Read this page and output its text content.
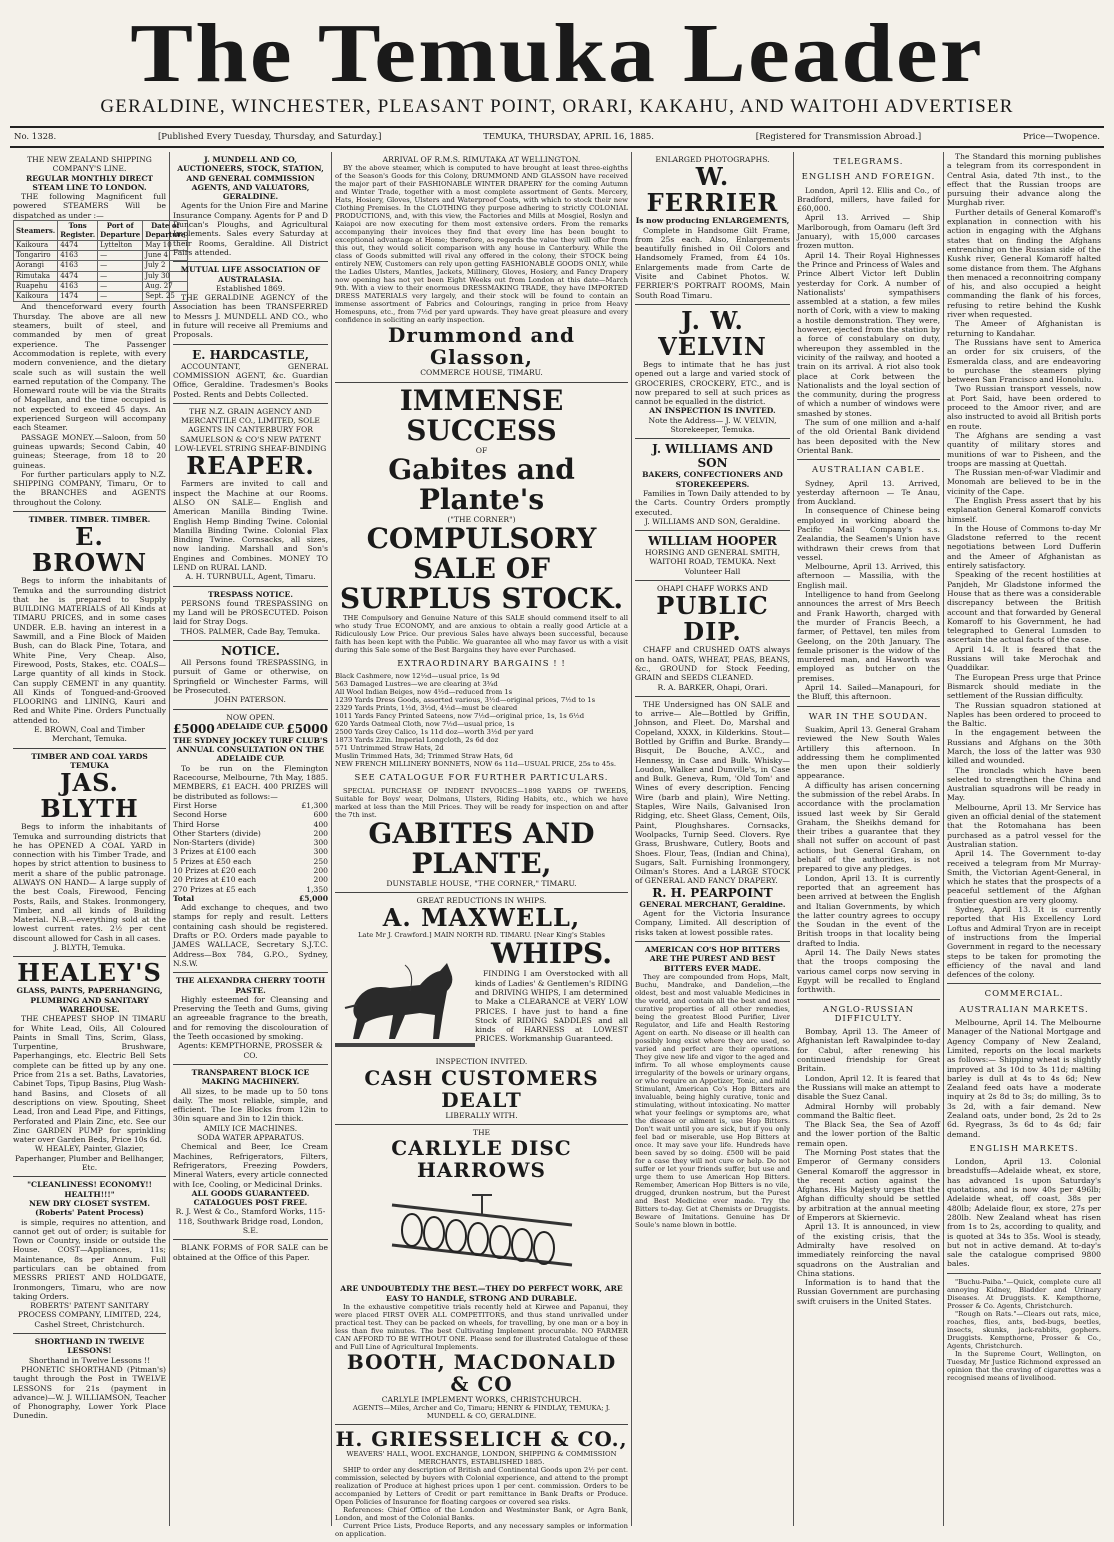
The Temuka Leader
GERALDINE, WINCHESTER, PLEASANT POINT, ORARI, KAKAHU, AND WAITOHI ADVERTISER
No. 1328.	[Published Every Tuesday, Thursday, and Saturday.]	TEMUKA, THURSDAY, APRIL 16, 1885.	[Registered for Transmission Abroad.]	Price—Twopence.
THE NEW ZEALAND SHIPPING COMPANY'S LINE.
REGULAR MONTHLY DIRECT STEAM LINE TO LONDON.

THE following Magnificent full powered STEAMERS Will be dispatched as under :—

Steamers.	Tons Register.	Port of Departure	Date of Departure
Kaikoura	4474	Lyttelton	May 10
Tongariro	4163	—	June 4
Aorangi	4163	—	July 2
Rimutaka	4474	—	July 30
Ruapehu	4163	—	Aug. 27
Kaikoura	1474	—	Sept. 25

And thenceforward every fourth Thursday. The above are all new steamers, built of steel, and commanded by men of great experience. The Passenger Accommodation is replete, with every modern convenience, and the dietary scale such as will sustain the well earned reputation of the Company. The Homeward route will be via the Straits of Magellan, and the time occupied is not expected to exceed 45 days. An experienced Surgeon will accompany each Steamer.

PASSAGE MONEY.—Saloon, from 50 guineas upwards; Second Cabin, 40 guineas; Steerage, from 18 to 20 guineas.

For further particulars apply to N.Z. SHIPPING COMPANY, Timaru, Or to the BRANCHES and AGENTS throughout the Colony.

TIMBER. TIMBER. TIMBER.
E. BROWN

Begs to inform the inhabitants of Temuka and the surrounding district that he is prepared to Supply BUILDING MATERIALS of All Kinds at TIMARU PRICES, and in some cases UNDER. E.B. having an interest in a Sawmill, and a Fine Block of Maiden Bush, can do Black Pine, Totara, and White Pine, Very Cheap. Also, Firewood, Posts, Stakes, etc. COALS—Large quantity of all kinds in Stock. Can supply CEMENT in any quantity. All Kinds of Tongued-and-Grooved FLOORING and LINING, Kauri and Red and White Pine. Orders Punctually attended to.

E. BROWN, Coal and Timber Merchant, Temuka.
TIMBER AND COAL YARDS TEMUKA
JAS. BLYTH

Begs to inform the inhabitants of Temuka and surrounding districts that he has OPENED A COAL YARD in connection with his Timber Trade, and hopes by strict attention to business to merit a share of the public patronage. ALWAYS ON HAND— A large supply of the best Coals, Firewood, Fencing Posts, Rails, and Stakes. Ironmongery, Timber, and all kinds of Building Material. N.B.—everything sold at the lowest current rates. 2½ per cent discount allowed for Cash in all cases.

J. BLYTH, Temuka.
HEALEY'S
GLASS, PAINTS, PAPERHANGING, PLUMBING AND SANITARY WAREHOUSE.

THE CHEAPEST SHOP IN TIMARU for White Lead, Oils, All Coloured Paints in Small Tins, Scrim, Glass, Turpentine, Brushware, Paperhangings, etc. Electric Bell Sets complete can be fitted up by any one. Price from 21s a set. Baths, Lavatories, Cabinet Tops, Tipup Basins, Plug Wash-hand Basins, and Closets of all descriptions on view. Spouting, Sheet Lead, Iron and Lead Pipe, and Fittings, Perforated and Plain Zinc, etc. See our Zinc GARDEN PUMP for sprinkling water over Garden Beds, Price 10s 6d.

W. HEALEY, Painter, Glazier, Paperhanger, Plumber and Bellhanger, Etc.
"CLEANLINESS! ECONOMY!! HEALTH!!!"
NEW DRY CLOSET SYSTEM. (Roberts' Patent Process)

is simple, requires no attention, and cannot get out of order; is suitable for Town or Country, inside or outside the House. COST—Appliances, 11s; Maintenance, 8s per Annum. Full particulars can be obtained from MESSRS PRIEST AND HOLDGATE, Ironmongers, Timaru, who are now taking Orders.

ROBERTS' PATENT SANITARY PROCESS COMPANY, LIMITED, 224, Cashel Street, Christchurch.
SHORTHAND IN TWELVE LESSONS!
Shorthand in Twelve Lessons !!

PHONETIC SHORTHAND (Pitman's) taught through the Post in TWELVE LESSONS for 21s (payment in advance)—W. J. WILLIAMSON, Teacher of Phonography, Lower York Place Dunedin.

J. MUNDELL AND CO, AUCTIONEERS, STOCK, STATION, AND GENERAL COMMISSION AGENTS, AND VALUATORS, GERALDINE.

Agents for the Union Fire and Marine Insurance Company. Agents for P and D Duncan's Ploughs, and Agricultural Implements. Sales every Saturday at their Rooms, Geraldine. All District Fairs attended.

MUTUAL LIFE ASSOCIATION OF AUSTRALASIA.
Established 1869.

THE GERALDINE AGENCY of the Association has been TRANSFERRED to Messrs J. MUNDELL AND CO., who in future will receive all Premiums and Proposals.

E. HARDCASTLE,

ACCOUNTANT, GENERAL COMMISSION AGENT, &c. Guardian Office, Geraldine. Tradesmen's Books Posted. Rents and Debts Collected.

THE N.Z. GRAIN AGENCY AND MERCANTILE CO., LIMITED, SOLE AGENTS IN CANTERBURY FOR SAMUELSON & CO'S NEW PATENT LOW-LEVEL STRING SHEAF-BINDING
REAPER.

Farmers are invited to call and inspect the Machine at our Rooms. ALSO ON SALE— English and American Manilla Binding Twine. English Hemp Binding Twine. Colonial Manilla Binding Twine. Colonial Flax Binding Twine. Cornsacks, all sizes, now landing. Marshall and Son's Engines and Combines. MONEY TO LEND on RURAL LAND.

A. H. TURNBULL, Agent, Timaru.
TRESPASS NOTICE.

PERSONS found TRESPASSING on my Land will be PROSECUTED. Poison laid for Stray Dogs.

THOS. PALMER, Cade Bay, Temuka.
NOTICE.

All Persons found TRESPASSING, in pursuit of Game or otherwise, on Springfield or Winchester Farms, will be Prosecuted.

JOHN PATERSON.
NOW OPEN.
£5000 ADELAIDE CUP. £5000
THE SYDNEY JOCKEY TURF CLUB'S ANNUAL CONSULTATION ON THE ADELAIDE CUP.

To be run on the Flemington Racecourse, Melbourne, 7th May, 1885. MEMBERS, £1 EACH. 400 PRIZES will be distributed as follows:—

First Horse	£1,300
Second Horse	600
Third Horse	400
Other Starters (divide)	200
Non-Starters (divide)	300
3 Prizes at £100 each	300
5 Prizes at £50 each	250
10 Prizes at £20 each	200
20 Prizes at £10 each	200
270 Prizes at £5 each	1,350
Total	£5,000

Add exchange to cheques, and two stamps for reply and result. Letters containing cash should be registered. Drafts or P.O. Orders made payable to JAMES WALLACE, Secretary S.J.T.C. Address—Box 784, G.P.O., Sydney, N.S.W.

THE ALEXANDRA CHERRY TOOTH PASTE.

Highly esteemed for Cleansing and Preserving the Teeth and Gums, giving an agreeable fragrance to the breath, and for removing the discolouration of the Teeth occasioned by smoking.

Agents: KEMPTHORNE, PROSSER & CO.
TRANSPARENT BLOCK ICE MAKING MACHINERY.

All sizes, to be made up to 50 tons daily. The most reliable, simple, and efficient. The Ice Blocks from 12in to 30in square and 3in to 12in thick.

AMILY ICE MACHINES.
SODA WATER APPARATUS.

Chemical and Beer, Ice Cream Machines, Refrigerators, Filters, Refrigerators, Freezing Powders, Mineral Waters, every article connected with Ice, Cooling, or Medicinal Drinks.

ALL GOODS GUARANTEED.
CATALOGUES POST FREE.
R. J. West & Co., Stamford Works, 115-118, Southwark Bridge road, London, S.E.

BLANK FORMS of FOR SALE can be obtained at the Office of this Paper.

ARRIVAL OF R.M.S. RIMUTAKA AT WELLINGTON.

BY the above steamer, which is computed to have brought at least three-eighths of the Season's Goods for this Colony, DRUMMOND AND GLASSON have received the major part of their FASHIONABLE WINTER DRAPERY for the coming Autumn and Winter Trade, together with a most complete assortment of Gents. Mercery, Hats, Hosiery, Gloves, Ulsters and Waterproof Coats, with which to stock their new Clothing Premises. In the CLOTHING they purpose adhering to strictly COLONIAL PRODUCTIONS, and, with this view, the Factories and Mills at Mosgiel, Roslyn and Kaiapoi are now executing for them most extensive orders. From the remarks accompanying their invoices they find that every line has been bought to exceptional advantage at Home; therefore, as regards the value they will offer from this out, they would solicit comparison with any house in Canterbury. While the class of Goods submitted will rival any offered in the colony, their STOCK being entirely NEW, Customers can rely upon getting FASHIONABLE GOODS ONLY, while the Ladies Ulsters, Mantles, Jackets, Millinery, Gloves, Hosiery, and Fancy Drapery now opening has not yet been Eight Weeks out from London at this date—March 9th. With a view to their enormous DRESSMAKING TRADE, they have IMPORTED DRESS MATERIALS very largely, and their stock will be found to contain an immense assortment of Fabrics and Colourings, ranging in price from Heavy Homespuns, etc., from 7½d per yard upwards. They have great pleasure and every confidence in soliciting an early inspection.

Drummond and Glasson,
COMMERCE HOUSE, TIMARU.
IMMENSE SUCCESS
OF
Gabites and Plante's
("THE CORNER")
COMPULSORY SALE OF SURPLUS STOCK.

THE Compulsory and Genuine Nature of this SALE should commend itself to all who study True ECONOMY, and are anxious to obtain a really good Article at a Ridiculously Low Price. Our previous Sales have always been successful, because faith has been kept with the Public. We guarantee all who may favor us with a visit during this Sale some of the Best Bargains they have ever Purchased.

EXTRAORDINARY BARGAINS ! !
Black Cashmere, now 12½d—usual price, 1s 9d
563 Damaged Lustres—we are clearing at 3¾d
All Wool Indian Beiges, now 4½d—reduced from 1s
1239 Yards Dress Goods, assorted various, 3½d—original prices, 7½d to 1s
2329 Yards Prints, 1½d, 3½d, 4½d—must be cleared
1011 Yards Fancy Printed Sateens, now 7½d—original price, 1s, 1s 6½d
620 Yards Oatmeal Cloth, now 7½d—usual price, 1s
2500 Yards Grey Calico, 1s 11d doz—worth 3½d per yard
1873 Yards 22in. Imperial Longcloth, 2s 6d doz
571 Untrimmed Straw Hats, 2d
Muslin Trimmed Hats, 3d; Trimmed Straw Hats, 6d
NEW FRENCH MILLINERY BONNETS, NOW 6s 11d—USUAL PRICE, 25s to 45s.
SEE CATALOGUE FOR FURTHER PARTICULARS.

SPECIAL PURCHASE OF INDENT INVOICES—1898 YARDS OF TWEEDS, Suitable for Boys' wear, Dolmans, Ulsters, Riding Habits, etc., which we have marked at less than the Mill Prices. They will be ready for inspection on and after the 7th inst.

GABITES AND PLANTE,
DUNSTABLE HOUSE, "THE CORNER," TIMARU.
GREAT REDUCTIONS IN WHIPS.
A. MAXWELL,
Late Mr J. Crawford.] MAIN NORTH RD. TIMARU. [Near King's Stables
WHIPS.

FINDING I am Overstocked with all kinds of Ladies' & Gentlemen's RIDING and DRIVING WHIPS, I am determined to Make a CLEARANCE at VERY LOW PRICES. I have just to hand a fine Stock of RIDING SADDLES and all kinds of HARNESS at LOWEST PRICES. Workmanship Guaranteed.

INSPECTION INVITED.
CASH CUSTOMERS DEALT
LIBERALLY WITH.
THE
CARLYLE DISC HARROWS
ARE UNDOUBTEDLY THE BEST.—THEY DO PERFECT WORK, ARE EASY TO HANDLE, STRONG AND DURABLE.

In the exhaustive competitive trials recently held at Kirwee and Papanui, they were placed FIRST OVER ALL COMPETITORS, and thus stand unrivalled under practical test. They can be packed on wheels, for travelling, by one man or a boy in less than five minutes. The best Cultivating Implement procurable. NO FARMER CAN AFFORD TO BE WITHOUT ONE. Please send for illustrated Catalogue of these and Full Line of Agricultural Implements.

BOOTH, MACDONALD & CO
CARLYLE IMPLEMENT WORKS, CHRISTCHURCH.
AGENTS—Miles, Archer and Co, Timaru; HENRY & FINDLAY, TEMUKA; J. MUNDELL & CO, GERALDINE.
H. GRIESSELICH & CO.,
WEAVERS' HALL, WOOL EXCHANGE, LONDON, SHIPPING & COMMISSION MERCHANTS, ESTABLISHED 1885.

SHIP to order any description of British and Continental Goods upon 2½ per cent. commission, selected by buyers with Colonial experience, and attend to the prompt realization of Produce at highest prices upon 1 per cent. commission. Orders to be accompanied by Letters of Credit or part remittance in Bank Drafts or Produce. Open Policies of Insurance for floating cargoes or covered sea risks.

References: Chief Office of the London and Westminster Bank, or Agra Bank, London, and most of the Colonial Banks.

Current Price Lists, Produce Reports, and any necessary samples or information on application.

ENLARGED PHOTOGRAPHS.
W. FERRIER
Is now producing ENLARGEMENTS,

Complete in Handsome Gilt Frame, from 25s each. Also, Enlargements beautifully finished in Oil Colors and Handsomely Framed, from £4 10s. Enlargements made from Carte de Visite and Cabinet Photos. W. FERRIER'S PORTRAIT ROOMS, Main South Road Timaru.

J. W. VELVIN

Begs to intimate that he has just opened out a large and varied stock of GROCERIES, CROCKERY, ETC., and is now prepared to sell at such prices as cannot be equalled in the district.

AN INSPECTION IS INVITED.
Note the Address— J. W. VELVIN, Storekeeper, Temuka.
J. WILLIAMS AND SON
BAKERS, CONFECTIONERS AND STOREKEEPERS.

Families in Town Daily attended to by the Carts. Country Orders promptly executed.

J. WILLIAMS AND SON, Geraldine.
WILLIAM HOOPER
HORSING AND GENERAL SMITH, WAITOHI ROAD, TEMUKA. Next Volunteer Hall
OHAPI CHAFF WORKS AND
PUBLIC DIP.

CHAFF and CRUSHED OATS always on hand. OATS, WHEAT, PEAS, BEANS, &c., GROUND for Stock Feeding, GRAIN and SEEDS CLEANED.

R. A. BARKER, Ohapi, Orari.

THE Undersigned has ON SALE and to arrive— Ale—Bottled by Griffin, Johnson, and Fleet. Do, Marshal and Copeland, XXXX, in Kilderkins. Stout—Bottled by Griffin and Burke. Brandy—Bisquit, De Bouche, A.V.C., and Hennessy, in Case and Bulk. Whisky—Loudon, Walker and Dunville's, in Case and Bulk. Geneva, Rum, 'Old Tom' and Wines of every description. Fencing Wire (barb and plain), Wire Netting. Staples, Wire Nails, Galvanised Iron Ridging, etc. Sheet Glass, Cement, Oils, Paint, Ploughshares. Cornsacks, Woolpacks, Turnip Seed. Clovers. Rye Grass, Brushware, Cutlery, Boots and Shoes. Flour, Teas, (Indian and China), Sugars, Salt. Furnishing Ironmongery, Oilman's Stores. And a LARGE STOCK of GENERAL AND FANCY DRAPERY.

R. H. PEARPOINT
GENERAL MERCHANT, Geraldine.

Agent for the Victoria Insurance Company, Limited. All description of risks taken at lowest possible rates.

AMERICAN CO'S HOP BITTERS ARE THE PUREST AND BEST BITTERS EVER MADE.

They are compounded from Hops, Malt, Buchu, Mandrake, and Dandelion,—the oldest, best and most valuable Medicines in the world, and contain all the best and most curative properties of all other remedies, being the greatest Blood Purifier, Liver Regulator, and Life and Health Restoring Agent on earth. No disease or ill health can possibly long exist where they are used, so varied and perfect are their operations. They give new life and vigor to the aged and infirm. To all whose employments cause irregularity of the bowels or urinary organs, or who require an Appetizer, Tonic, and mild Stimulant, American Co's Hop Bitters are invaluable, being highly curative, tonic and stimulating, without intoxicating. No matter what your feelings or symptoms are, what the disease or ailment is, use Hop Bitters. Don't wait until you are sick, but if you only feel bad or miserable, use Hop Bitters at once. It may save your life. Hundreds have been saved by so doing. £500 will be paid for a case they will not cure or help. Do not suffer or let your friends suffer, but use and urge them to use American Hop Bitters. Remember, American Hop Bitters is no vile, drugged, drunken nostrum, but the Purest and Best Medicine ever made. Try the Bitters to-day. Get at Chemists or Druggists. Beware of Imitations. Genuine has Dr Soule's name blown in bottle.

TELEGRAMS.
ENGLISH AND FOREIGN.

London, April 12. Ellis and Co., of Bradford, millers, have failed for £60,000.

April 13. Arrived — Ship Marlborough, from Oamaru (left 3rd January), with 15,000 carcases frozen mutton.

April 14. Their Royal Highnesses the Prince and Princess of Wales and Prince Albert Victor left Dublin yesterday for Cork. A number of Nationalists' sympathisers assembled at a station, a few miles north of Cork, with a view to making a hostile demonstration. They were, however, ejected from the station by a force of constabulary on duty, whereupon they assembled in the vicinity of the railway, and hooted a train on its arrival. A riot also took place at Cork between the Nationalists and the loyal section of the community, during the progress of which a number of windows were smashed by stones.

The sum of one million and a-half of the old Oriental Bank dividend has been deposited with the New Oriental Bank.

AUSTRALIAN CABLE.

Sydney, April 13. Arrived, yesterday afternoon — Te Anau, from Auckland.

In consequence of Chinese being employed in working aboard the Pacific Mail Company's s.s. Zealandia, the Seamen's Union have withdrawn their crews from that vessel.

Melbourne, April 13. Arrived, this afternoon — Massilia, with the English mail.

Intelligence to hand from Geelong announces the arrest of Mrs Beech and Frank Haworth, charged with the murder of Francis Beech, a farmer, of Pettavel, ten miles from Geelong, on the 20th January. The female prisoner is the widow of the murdered man, and Haworth was employed as butcher on the premises.

April 14. Sailed—Manapouri, for the Bluff, this afternoon.

WAR IN THE SOUDAN.

Suakim, April 13. General Graham reviewed the New South Wales Artillery this afternoon. In addressing them he complimented the men upon their soldierly appearance.

A difficulty has arisen concerning the submission of the rebel Arabs. In accordance with the proclamation issued last week by Sir Gerald Graham, the Sheikhs demand for their tribes a guarantee that they shall not suffer on account of past actions, but General Graham, on behalf of the authorities, is not prepared to give any pledges.

London, April 13. It is currently reported that an agreement has been arrived at between the English and Italian Governments, by which the latter country agrees to occupy the Soudan in the event of the British troops in that locality being drafted to India.

April 14. The Daily News states that the troops composing the various camel corps now serving in Egypt will be recalled to England forthwith.

ANGLO-RUSSIAN DIFFICULTY.

Bombay, April 13. The Ameer of Afghanistan left Rawalpindee to-day for Cabul, after renewing his continued friendship for Great Britain.

London, April 12. It is feared that the Russians will make an attempt to disable the Suez Canal.

Admiral Hornby will probably command the Baltic fleet.

The Black Sea, the Sea of Azoff and the lower portion of the Baltic remain open.

The Morning Post states that the Emperor of Germany considers General Komaroff the aggressor in the recent action against the Afghans. His Majesty urges that the Afghan difficulty should be settled by arbitration at the annual meeting of Emperors at Skiernevic.

April 13. It is announced, in view of the existing crisis, that the Admiralty have resolved on immediately reinforcing the naval squadrons on the Australian and China stations.

Information is to hand that the Russian Government are purchasing swift cruisers in the United States.

The Standard this morning publishes a telegram from its correspondent in Central Asia, dated 7th inst., to the effect that the Russian troops are pursuing their advance along the Murghab river.

Further details of General Komaroff's explanation in connection with his action in engaging with the Afghans states that on finding the Afghans entrenching on the Russian side of the Kushk river, General Komaroff halted some distance from them. The Afghans then menaced a reconnoitring company of his, and also occupied a height commanding the flank of his forces, refusing to retire behind the Kushk river when requested.

The Ameer of Afghanistan is returning to Kandahar.

The Russians have sent to America an order for six cruisers, of the Esmeralda class, and are endeavoring to purchase the steamers plying between San Francisco and Honolulu.

Two Russian transport vessels, now at Port Said, have been ordered to proceed to the Amoor river, and are also instructed to avoid all British ports en route.

The Afghans are sending a vast quantity of military stores and munitions of war to Pisheen, and the troops are massing at Quettah.

The Russian men-of-war Vladimir and Monomah are believed to be in the vicinity of the Cape.

The English Press assert that by his explanation General Komaroff convicts himself.

In the House of Commons to-day Mr Gladstone referred to the recent negotiations between Lord Dufferin and the Ameer of Afghanistan as entirely satisfactory.

Speaking of the recent hostilities at Panjdeh, Mr Gladstone informed the House that as there was a considerable discrepancy between the British account and that forwarded by General Komaroff to his Government, he had telegraphed to General Lumsden to ascertain the actual facts of the case.

April 14. It is feared that the Russians will take Merochak and Quaddikar.

The European Press urge that Prince Bismarck should mediate in the settlement of the Russian difficulty.

The Russian squadron stationed at Naples has been ordered to proceed to the Baltic.

In the engagement between the Russians and Afghans on the 30th March, the loss of the latter was 930 killed and wounded.

The ironclads which have been selected to strengthen the China and Australian squadrons will be ready in May.

Melbourne, April 13. Mr Service has given an official denial of the statement that the Rotomahana has been purchased as a patrol vessel for the Australian station.

April 14. The Government to-day received a telegram from Mr Murray-Smith, the Victorian Agent-General, in which he states that the prospects of a peaceful settlement of the Afghan frontier question are very gloomy.

Sydney, April 13. It is currently reported that His Excellency Lord Loftus and Admiral Tryon are in receipt of instructions from the Imperial Government in regard to the necessary steps to be taken for promoting the efficiency of the naval and land defences of the colony.

COMMERCIAL.
AUSTRALIAN MARKETS.

Melbourne, April 14. The Melbourne Manager of the National Mortgage and Agency Company of New Zealand, Limited, reports on the local markets as follows:— Shipping wheat is slightly improved at 3s 10d to 3s 11d; malting barley is dull at 4s to 4s 6d; New Zealand feed oats have a moderate inquiry at 2s 8d to 3s; do milling, 3s to 3s 2d, with a fair demand. New Zealand oats, under bond, 2s 2d to 2s 6d. Ryegrass, 3s 6d to 4s 6d; fair demand.

ENGLISH MARKETS.

London, April 13. Colonial breadstuffs—Adelaide wheat, ex store, has advanced 1s upon Saturday's quotations, and is now 40s per 496lb; Adelaide wheat, off coast, 38s per 480lb; Adelaide flour, ex store, 27s per 280lb. New Zealand wheat has risen from 1s to 2s, according to quality, and is quoted at 34s to 35s. Wool is steady, but not in active demand. At to-day's sale the catalogue comprised 9800 bales.

"Buchu-Paiba."—Quick, complete cure all annoying Kidney, Bladder and Urinary Diseases. At Druggists. K. Kempthorne, Prosser & Co. Agents, Christchurch.

"Rough on Rats."—Clears out rats, mice, roaches, flies, ants, bed-bugs, beetles, insects, skunks, jack-rabbits, gophers. Druggists. Kempthorne, Prosser & Co., Agents, Christchurch.

In the Supreme Court, Wellington, on Tuesday, Mr Justice Richmond expressed an opinion that the craving of cigarettes was a recognised means of livelihood.
